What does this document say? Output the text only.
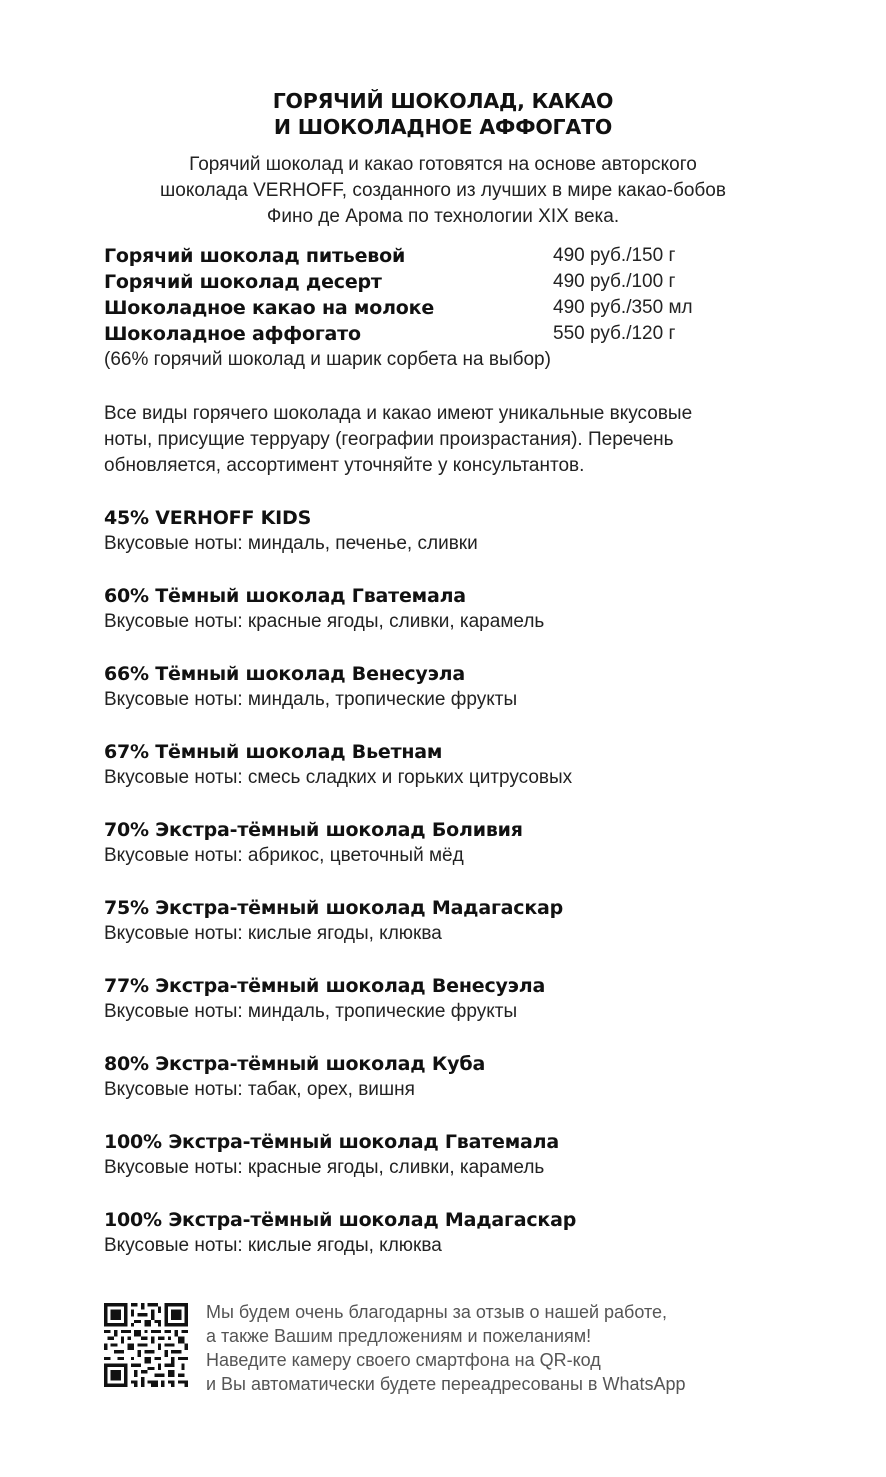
ГОРЯЧИЙ ШОКОЛАД, КАКАО
И ШОКОЛАДНОЕ АФФОГАТО
Горячий шоколад и какао готовятся на основе авторского
шоколада VERHOFF, созданного из лучших в мире какао-бобов
Фино де Арома по технологии XIX века.
Горячий шоколад питьевой	490 руб./150 г
Горячий шоколад десерт	490 руб./100 г
Шоколадное какао на молоке	490 руб./350 мл
Шоколадное аффогато	550 руб./120 г
(66% горячий шоколад и шарик сорбета на выбор)
Все виды горячего шоколада и какао имеют уникальные вкусовые
ноты, присущие терруару (географии произрастания). Перечень
обновляется, ассортимент уточняйте у консультантов.
45% VERHOFF KIDS
Вкусовые ноты: миндаль, печенье, сливки
60% Тёмный шоколад Гватемала
Вкусовые ноты: красные ягоды, сливки, карамель
66% Тёмный шоколад Венесуэла
Вкусовые ноты: миндаль, тропические фрукты
67% Тёмный шоколад Вьетнам
Вкусовые ноты: смесь сладких и горьких цитрусовых
70% Экстра-тёмный шоколад Боливия
Вкусовые ноты: абрикос, цветочный мёд
75% Экстра-тёмный шоколад Мадагаскар
Вкусовые ноты: кислые ягоды, клюква
77% Экстра-тёмный шоколад Венесуэла
Вкусовые ноты: миндаль, тропические фрукты
80% Экстра-тёмный шоколад Куба
Вкусовые ноты: табак, орех, вишня
100% Экстра-тёмный шоколад Гватемала
Вкусовые ноты: красные ягоды, сливки, карамель
100% Экстра-тёмный шоколад Мадагаскар
Вкусовые ноты: кислые ягоды, клюква
Мы будем очень благодарны за отзыв о нашей работе,
а также Вашим предложениям и пожеланиям!
Наведите камеру своего смартфона на QR-код
и Вы автоматически будете переадресованы в WhatsApp
